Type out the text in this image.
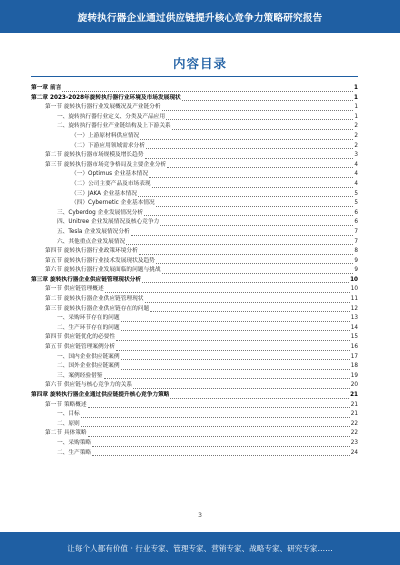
旋转执行器企业通过供应链提升核心竞争力策略研究报告
内容目录
第一章 前言	1
第二章 2023-2028年旋转执行器行业环境及市场发展现状	1
第一节 旋转执行器行业发展概况及产业链分析	1
一、旋转执行器行业定义、分类及产品应用	1
二、旋转执行器行业产业链结构及上下游关系	2
（一）上游原材料供应情况	2
（二）下游应用领域需求分析	2
第二节 旋转执行器市场规模及增长趋势	3
第三节 旋转执行器市场竞争格局及主要企业分析	4
（一）Optimus 企业基本情况	4
（二）公司主要产品及市场表现	4
（三）JAKA 企业基本情况	5
（四）Cybernetic 企业基本情况	5
三、Cyberdog 企业发展情况分析	6
四、Unitree 企业发展情况及核心竞争力	6
五、Tesla 企业发展情况分析	7
六、其他重点企业发展情况	7
第四节 旋转执行器行业政策环境分析	8
第五节 旋转执行器行业技术发展现状及趋势	9
第六节 旋转执行器行业发展面临的问题与挑战	9
第三章 旋转执行器企业供应链管理现状分析	10
第一节 供应链管理概述	10
第二节 旋转执行器企业供应链管理现状	11
第三节 旋转执行器企业供应链存在的问题	12
一、采购环节存在的问题	13
二、生产环节存在的问题	14
第四节 供应链优化的必要性	15
第五节 供应链管理案例分析	16
一、国内企业供应链案例	17
二、国外企业供应链案例	18
三、案例经验借鉴	19
第六节 供应链与核心竞争力的关系	20
第四章 旋转执行器企业通过供应链提升核心竞争力策略	21
第一节 策略概述	21
一、目标	21
二、原则	22
第二节 具体策略	22
一、采购策略	23
二、生产策略	24
3
让每个人都有价值 · 行业专家、管理专家、营销专家、战略专家、研究专家……
